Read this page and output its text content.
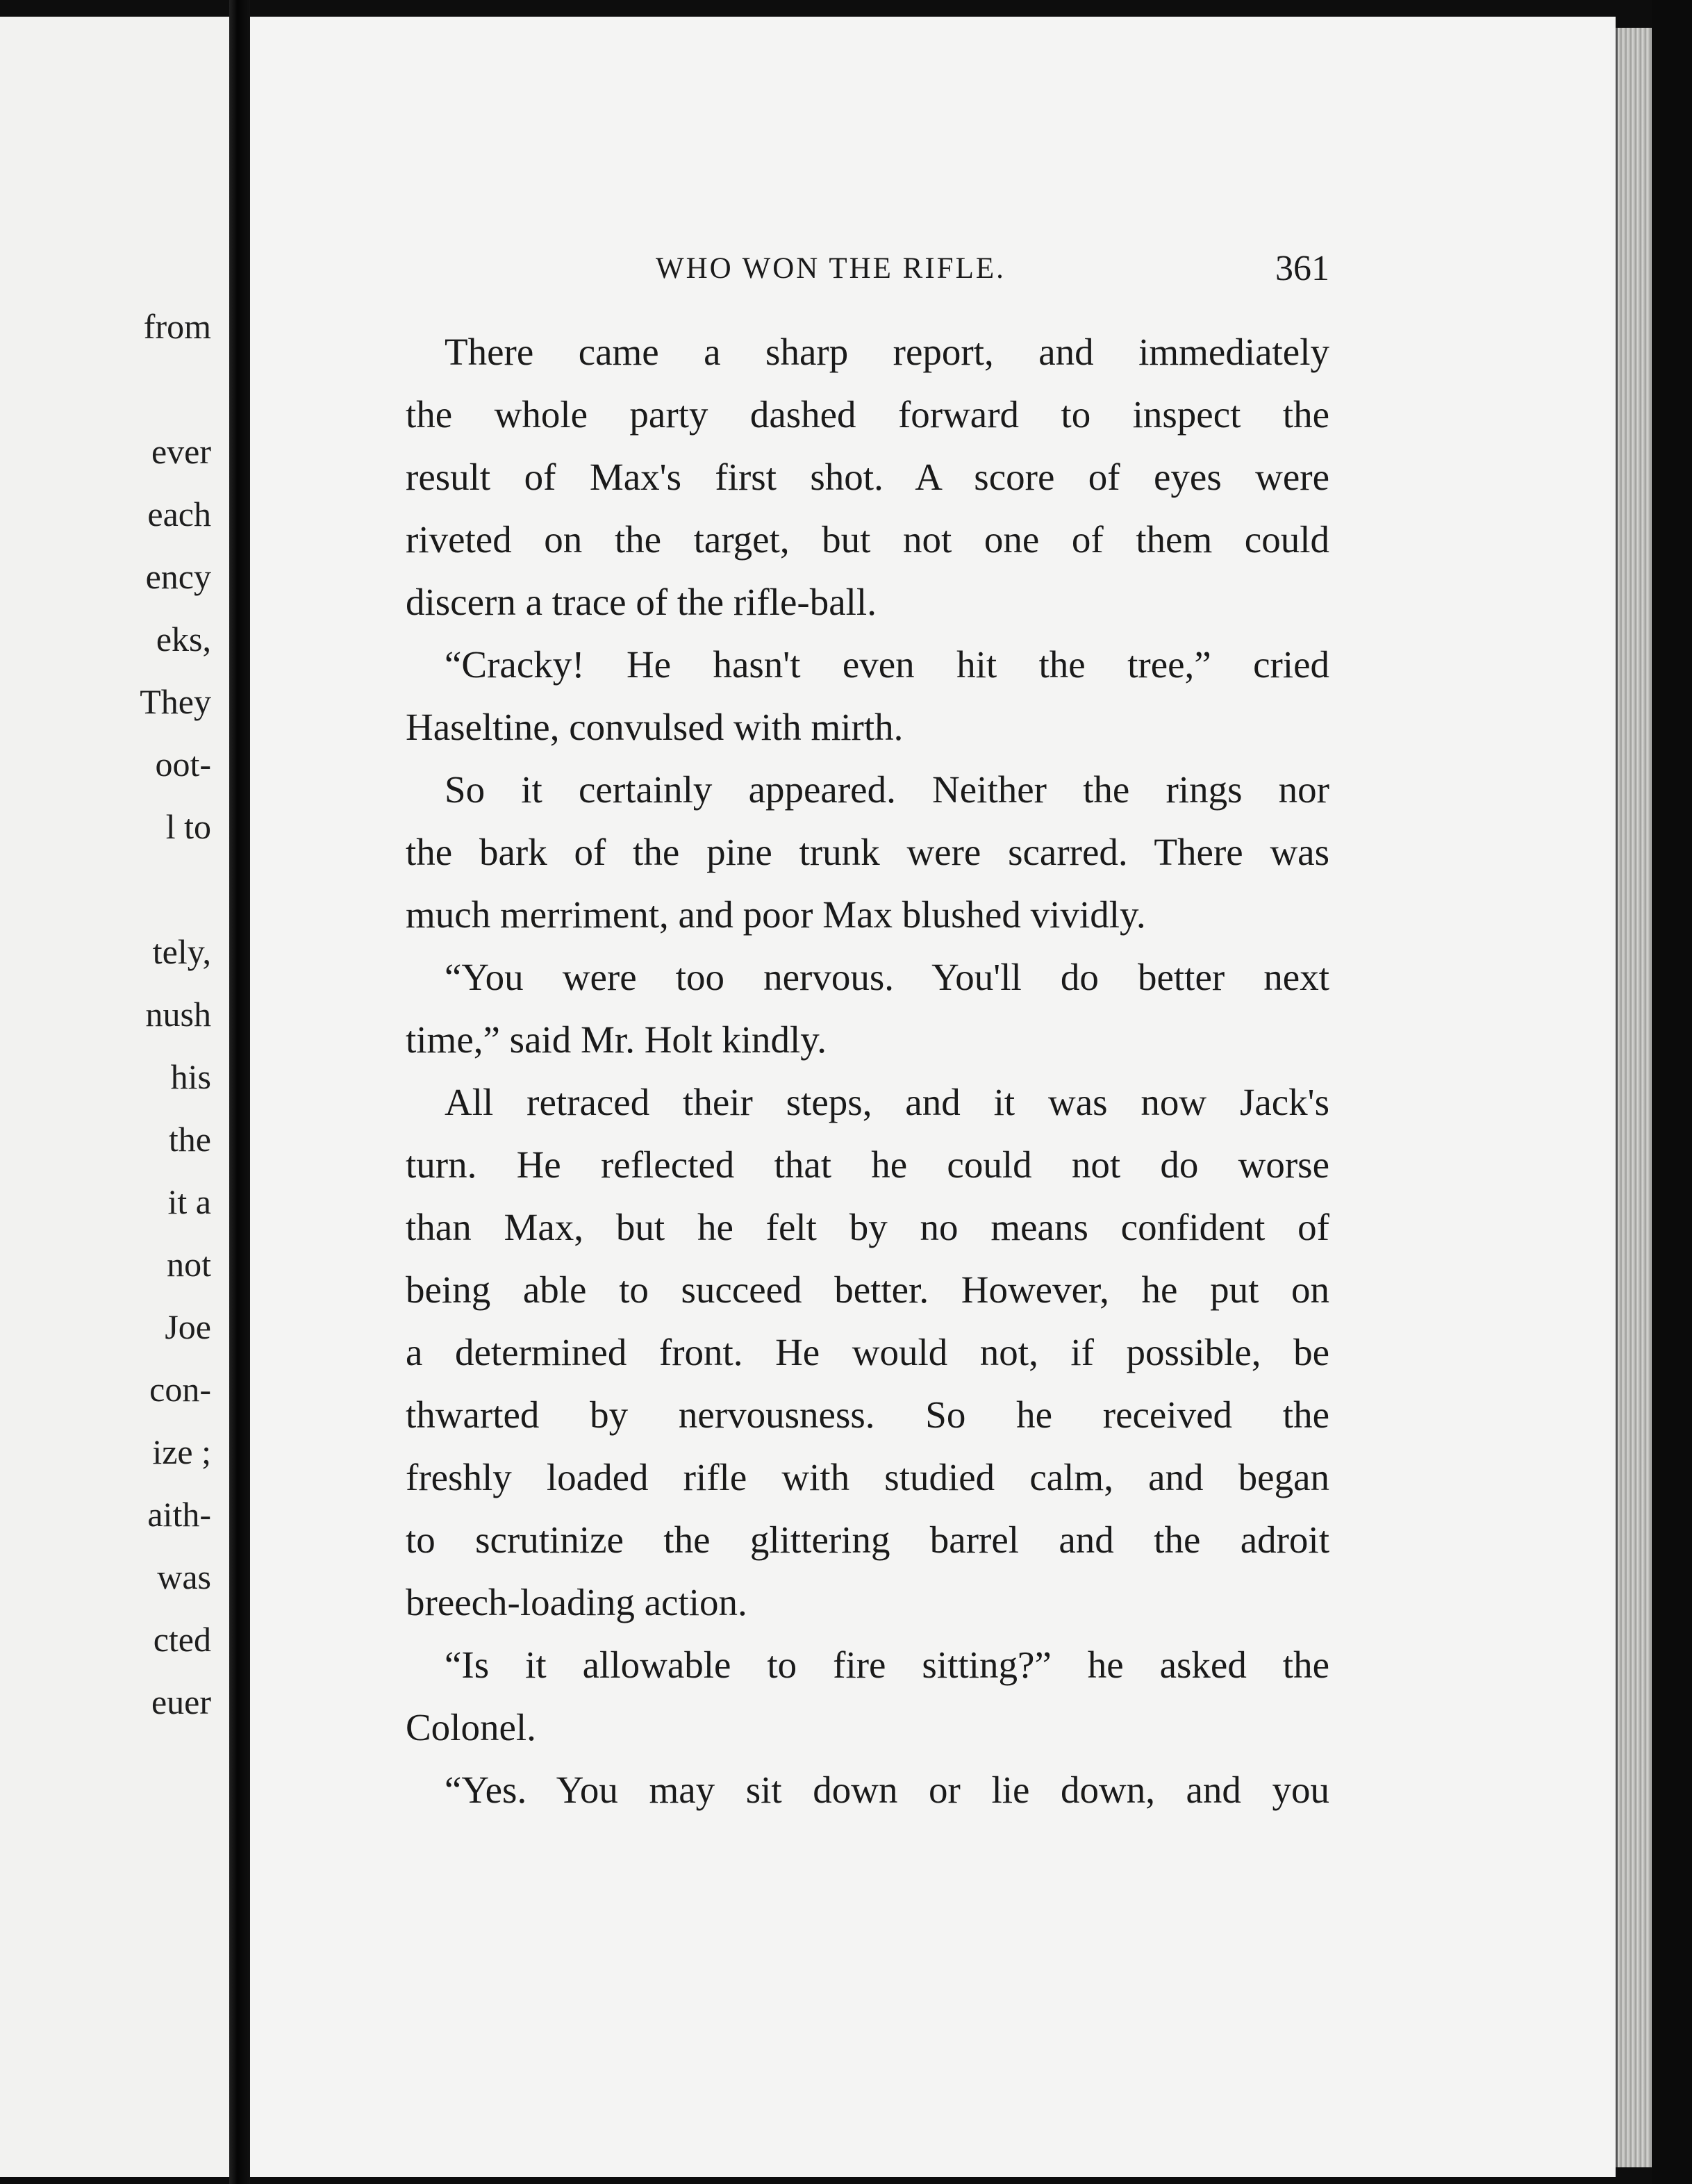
from
ever
each
ency
eks,
They
oot-
l to
tely,
nush
his
the
it a
not
Joe
con-
ize ;
aith-
was
cted
euer
WHO WON THE RIFLE.	361
There came a sharp report, and immediately
the whole party dashed forward to inspect the
result of Max's first shot. A score of eyes were
riveted on the target, but not one of them could
discern a trace of the rifle-ball.
“Cracky! He hasn't even hit the tree,” cried
Haseltine, convulsed with mirth.
So it certainly appeared. Neither the rings nor
the bark of the pine trunk were scarred. There was
much merriment, and poor Max blushed vividly.
“You were too nervous. You'll do better next
time,” said Mr. Holt kindly.
All retraced their steps, and it was now Jack's
turn. He reflected that he could not do worse
than Max, but he felt by no means confident of
being able to succeed better. However, he put on
a determined front. He would not, if possible, be
thwarted by nervousness. So he received the
freshly loaded rifle with studied calm, and began
to scrutinize the glittering barrel and the adroit
breech-loading action.
“Is it allowable to fire sitting?” he asked the
Colonel.
“Yes. You may sit down or lie down, and you
